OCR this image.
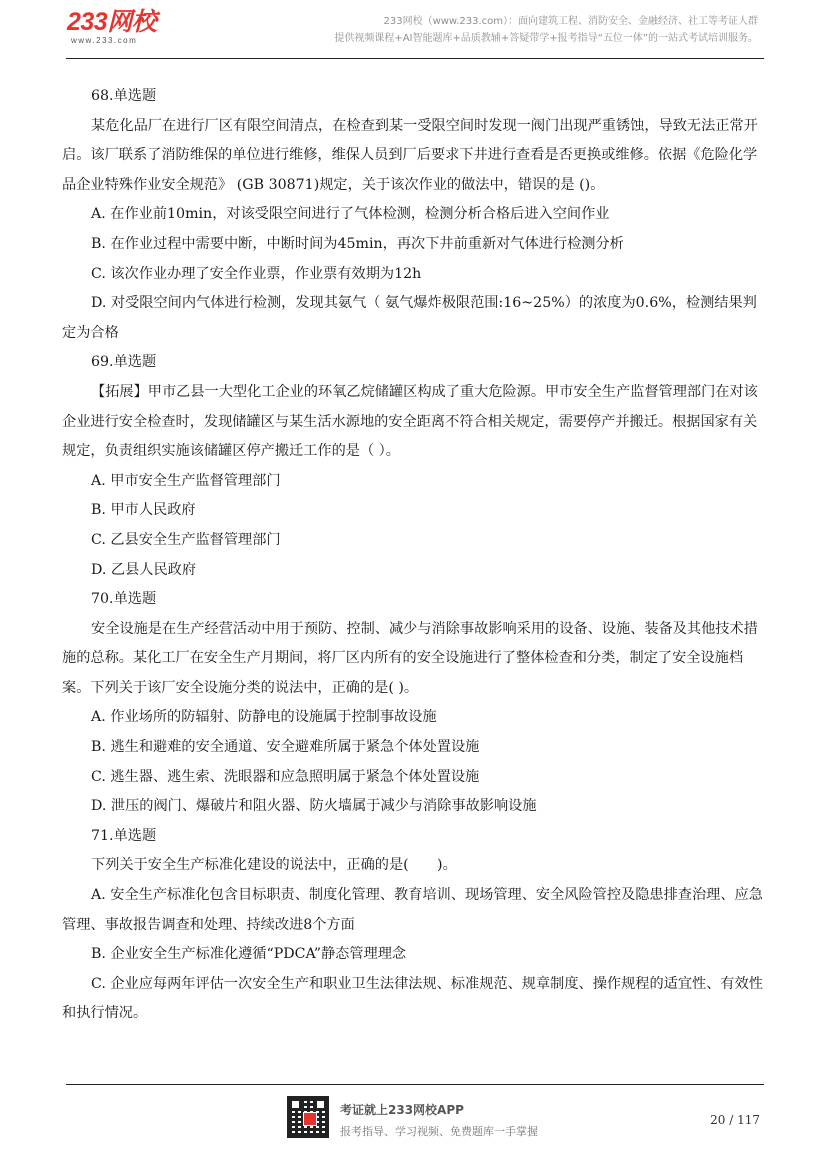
233网校
www.233.com
233网校（www.233.com）：面向建筑工程、消防安全、金融经济、社工等考证人群
提供视频课程+AI智能题库+品质教辅+答疑带学+报考指导“五位一体”的一站式考试培训服务。

68.单选题

某危化品厂在进行厂区有限空间清点，在检查到某一受限空间时发现一阀门出现严重锈蚀，导致无法正常开启。该厂联系了消防维保的单位进行维修，维保人员到厂后要求下井进行查看是否更换或维修。依据《危险化学品企业特殊作业安全规范》 (GB 30871)规定，关于该次作业的做法中，错误的是 ()。

A. 在作业前10min，对该受限空间进行了气体检测，检测分析合格后进入空间作业

B. 在作业过程中需要中断，中断时间为45min，再次下井前重新对气体进行检测分析

C. 该次作业办理了安全作业票，作业票有效期为12h

D. 对受限空间内气体进行检测，发现其氨气（ 氨气爆炸极限范围:16~25%）的浓度为0.6%，检测结果判定为合格

69.单选题

【拓展】甲市乙县一大型化工企业的环氧乙烷储罐区构成了重大危险源。甲市安全生产监督管理部门在对该企业进行安全检查时，发现储罐区与某生活水源地的安全距离不符合相关规定，需要停产并搬迁。根据国家有关规定，负责组织实施该储罐区停产搬迁工作的是（ ）。

A. 甲市安全生产监督管理部门

B. 甲市人民政府

C. 乙县安全生产监督管理部门

D. 乙县人民政府

70.单选题

安全设施是在生产经营活动中用于预防、控制、减少与消除事故影响采用的设备、设施、装备及其他技术措施的总称。某化工厂在安全生产月期间，将厂区内所有的安全设施进行了整体检查和分类，制定了安全设施档案。下列关于该厂安全设施分类的说法中，正确的是( )。

A. 作业场所的防辐射、防静电的设施属于控制事故设施

B. 逃生和避难的安全通道、安全避难所属于紧急个体处置设施

C. 逃生器、逃生索、洗眼器和应急照明属于紧急个体处置设施

D. 泄压的阀门、爆破片和阻火器、防火墙属于减少与消除事故影响设施

71.单选题

下列关于安全生产标准化建设的说法中，正确的是(　　)。

A. 安全生产标准化包含目标职责、制度化管理、教育培训、现场管理、安全风险管控及隐患排查治理、应急管理、事故报告调查和处理、持续改进8个方面

B. 企业安全生产标准化遵循“PDCA”静态管理理念

C. 企业应每两年评估一次安全生产和职业卫生法律法规、标准规范、规章制度、操作规程的适宜性、有效性和执行情况。

考证就上233网校APP
报考指导、学习视频、免费题库一手掌握
20 / 117
